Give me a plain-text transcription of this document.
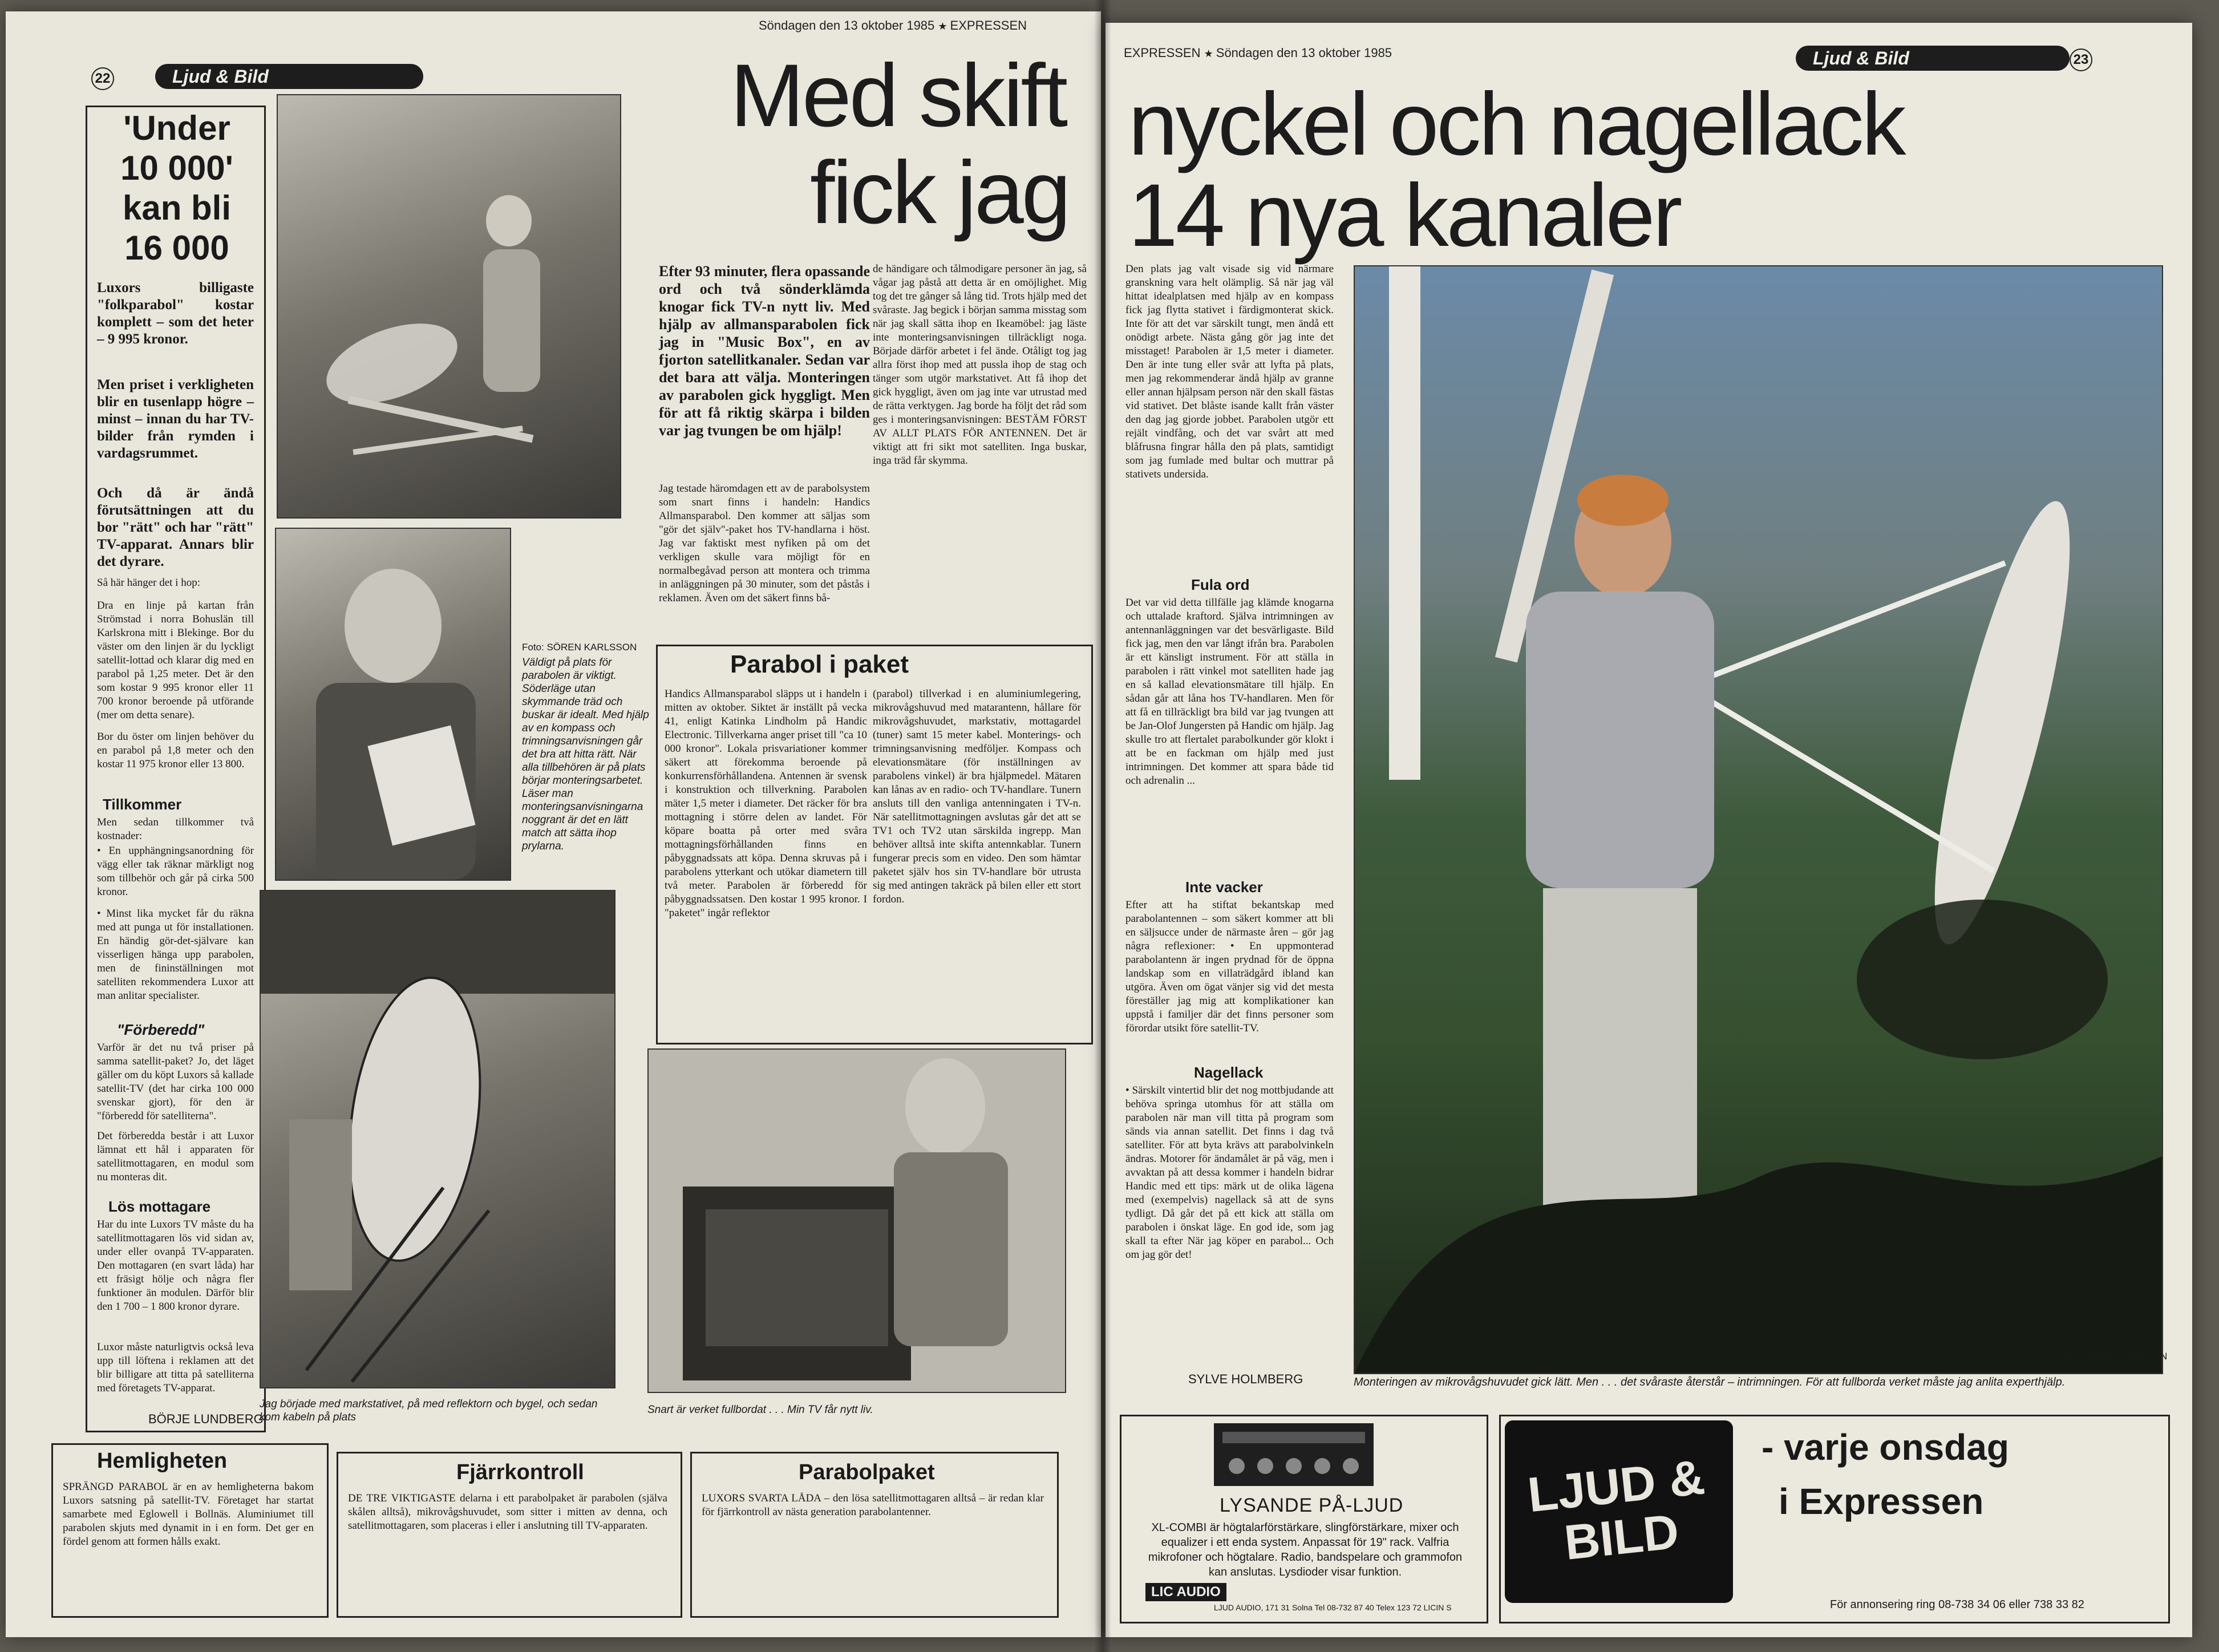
Söndagen den 13 oktober 1985 ★ EXPRESSEN
22	Ljud & Bild	Med skift
fick jag
'Under 10 000' kan bli 16 000
Luxors billigaste "folkparabol" kostar komplett – som det heter – 9 995 kronor.
Men priset i verkligheten blir en tusenlapp högre – minst – innan du har TV-bilder från rymden i vardagsrummet.
Och då är ändå förutsättningen att du bor "rätt" och har "rätt" TV-apparat. Annars blir det dyrare.
Så här hänger det i hop:
Dra en linje på kartan från Strömstad i norra Bohuslän till Karlskrona mitt i Blekinge. Bor du väster om den linjen är du lyckligt satellit-lottad och klarar dig med en parabol på 1,25 meter. Det är den som kostar 9 995 kronor eller 11 700 kronor beroende på utförande (mer om detta senare).
Bor du öster om linjen behöver du en parabol på 1,8 meter och den kostar 11 975 kronor eller 13 800.
Tillkommer
Men sedan tillkommer två kostnader:
• En upphängningsanordning för vägg eller tak räknar märkligt nog som tillbehör och går på cirka 500 kronor.
• Minst lika mycket får du räkna med att punga ut för installationen. En händig gör-det-självare kan visserligen hänga upp parabolen, men de fininställningen mot satelliten rekommendera Luxor att man anlitar specialister.
"Förberedd"
Varför är det nu två priser på samma satellit-paket? Jo, det läget gäller om du köpt Luxors så kallade satellit-TV (det har cirka 100 000 svenskar gjort), för den är "förberedd för satelliterna".
Det förberedda består i att Luxor lämnat ett hål i apparaten för satellitmottagaren, en modul som nu monteras dit.
Lös mottagare
Har du inte Luxors TV måste du ha satellitmottagaren lös vid sidan av, under eller ovanpå TV-apparaten. Den mottagaren (en svart låda) har ett fräsigt hölje och några fler funktioner än modulen. Därför blir den 1 700 – 1 800 kronor dyrare.
Luxor måste naturligtvis också leva upp till löftena i reklamen att det blir billigare att titta på satelliterna med företagets TV-apparat.
BÖRJE LUNDBERG
Foto: SÖREN KARLSSON
Väldigt på plats för parabolen är viktigt. Söderläge utan skymmande träd och buskar är idealt. Med hjälp av en kompass och trimningsanvisningen går det bra att hitta rätt. När alla tillbehören är på plats börjar monteringsarbetet. Läser man monteringsanvisningarna noggrant är det en lätt match att sätta ihop prylarna.
Jag började med markstativet, på med reflektorn och bygel, och sedan kom kabeln på plats
Snart är verket fullbordat . . . Min TV får nytt liv.
Efter 93 minuter, flera opassande ord och två sönderklämda knogar fick TV-n nytt liv. Med hjälp av allmansparabolen fick jag in "Music Box", en av fjorton satellitkanaler. Sedan var det bara att välja. Monteringen av parabolen gick hyggligt. Men för att få riktig skärpa i bilden var jag tvungen be om hjälp!
Jag testade häromdagen ett av de parabolsystem som snart finns i handeln: Handics Allmansparabol. Den kommer att säljas som "gör det själv"-paket hos TV-handlarna i höst. Jag var faktiskt mest nyfiken på om det verkligen skulle vara möjligt för en normalbegåvad person att montera och trimma in anläggningen på 30 minuter, som det påstås i reklamen. Även om det säkert finns bå-
de händigare och tålmodigare personer än jag, så vågar jag påstå att detta är en omöjlighet. Mig tog det tre gånger så lång tid. Trots hjälp med det svåraste. Jag begick i början samma misstag som när jag skall sätta ihop en Ikeamöbel: jag läste inte monteringsanvisningen tillräckligt noga. Började därför arbetet i fel ände. Otåligt tog jag allra först ihop med att pussla ihop de stag och tänger som utgör markstativet. Att få ihop det gick hyggligt, även om jag inte var utrustad med de rätta verktygen. Jag borde ha följt det råd som ges i monteringsanvisningen: BESTÄM FÖRST AV ALLT PLATS FÖR ANTENNEN. Det är viktigt att fri sikt mot satelliten. Inga buskar, inga träd får skymma.
Parabol i paket
Handics Allmansparabol släpps ut i handeln i mitten av oktober. Siktet är inställt på vecka 41, enligt Katinka Lindholm på Handic Electronic. Tillverkarna anger priset till "ca 10 000 kronor". Lokala prisvariationer kommer säkert att förekomma beroende på konkurrensförhållandena. Antennen är svensk i konstruktion och tillverkning. Parabolen mäter 1,5 meter i diameter. Det räcker för bra mottagning i större delen av landet. För köpare boatta på orter med svåra mottagningsförhållanden finns en påbyggnadssats att köpa. Denna skruvas på i parabolens ytterkant och utökar diametern till två meter. Parabolen är förberedd för påbyggnadssatsen. Den kostar 1 995 kronor. I "paketet" ingår reflektor
(parabol) tillverkad i en aluminiumlegering, mikrovågshuvud med matarantenn, hållare för mikrovågshuvudet, markstativ, mottagardel (tuner) samt 15 meter kabel. Monterings- och trimningsanvisning medföljer. Kompass och elevationsmätare (för inställningen av parabolens vinkel) är bra hjälpmedel. Mätaren kan lånas av en radio- och TV-handlare. Tunern ansluts till den vanliga antenningaten i TV-n. När satellitmottagningen avslutas går det att se TV1 och TV2 utan särskilda ingrepp. Man behöver alltså inte skifta antennkablar. Tunern fungerar precis som en video. Den som hämtar paketet själv hos sin TV-handlare bör utrusta sig med antingen takräck på bilen eller ett stort fordon.
Hemligheten
SPRÄNGD PARABOL är en av hemligheterna bakom Luxors satsning på satellit-TV. Företaget har startat samarbete med Eglowell i Bollnäs. Aluminiumet till parabolen skjuts med dynamit in i en form. Det ger en fördel genom att formen hålls exakt.
Fjärrkontroll
DE TRE VIKTIGASTE delarna i ett parabolpaket är parabolen (själva skålen alltså), mikrovågshuvudet, som sitter i mitten av denna, och satellitmottagaren, som placeras i eller i anslutning till TV-apparaten.
Parabolpaket
LUXORS SVARTA LÅDA – den lösa satellitmottagaren alltså – är redan klar för fjärrkontroll av nästa generation parabolantenner.
EXPRESSEN ★ Söndagen den 13 oktober 1985	Ljud & Bild	23
nyckel och nagellack
14 nya kanaler
Den plats jag valt visade sig vid närmare granskning vara helt olämplig. Så när jag väl hittat idealplatsen med hjälp av en kompass fick jag flytta stativet i färdigmonterat skick. Inte för att det var särskilt tungt, men ändå ett onödigt arbete. Nästa gång gör jag inte det misstaget! Parabolen är 1,5 meter i diameter. Den är inte tung eller svår att lyfta på plats, men jag rekommenderar ändå hjälp av granne eller annan hjälpsam person när den skall fästas vid stativet. Det blåste isande kallt från väster den dag jag gjorde jobbet. Parabolen utgör ett rejält vindfång, och det var svårt att med blåfrusna fingrar hålla den på plats, samtidigt som jag fumlade med bultar och muttrar på stativets undersida.
Fula ord
Det var vid detta tillfälle jag klämde knogarna och uttalade kraftord. Själva intrimningen av antennanläggningen var det besvärligaste. Bild fick jag, men den var långt ifrån bra. Parabolen är ett känsligt instrument. För att ställa in parabolen i rätt vinkel mot satelliten hade jag en så kallad elevationsmätare till hjälp. En sådan går att låna hos TV-handlaren. Men för att få en tillräckligt bra bild var jag tvungen att be Jan-Olof Jungersten på Handic om hjälp. Jag skulle tro att flertalet parabolkunder gör klokt i att be en fackman om hjälp med just intrimningen. Det kommer att spara både tid och adrenalin ...
Inte vacker
Efter att ha stiftat bekantskap med parabolantennen – som säkert kommer att bli en säljsucce under de närmaste åren – gör jag några reflexioner: • En uppmonterad parabolantenn är ingen prydnad för de öppna landskap som en villaträdgård ibland kan utgöra. Även om ögat vänjer sig vid det mesta föreställer jag mig att komplikationer kan uppstå i familjer där det finns personer som förordar utsikt före satellit-TV.
Nagellack
• Särskilt vintertid blir det nog mottbjudande att behöva springa utomhus för att ställa om parabolen när man vill titta på program som sänds via annan satellit. Det finns i dag två satelliter. För att byta krävs att parabolvinkeln ändras. Motorer för ändamålet är på väg, men i avvaktan på att dessa kommer i handeln bidrar Handic med ett tips: märk ut de olika lägena med (exempelvis) nagellack så att de syns tydligt. Då går det på ett kick att ställa om parabolen i önskat läge. En god ide, som jag skall ta efter När jag köper en parabol... Och om jag gör det!
SYLVE HOLMBERG
Foto: SÖREN KARLSSON
Monteringen av mikrovågshuvudet gick lätt. Men . . . det svåraste återstår – intrimningen. För att fullborda verket måste jag anlita experthjälp.
LYSANDE PÅ-LJUD
XL-COMBI är högtalarförstärkare, slingförstärkare, mixer och equalizer i ett enda system. Anpassat för 19" rack. Valfria mikrofoner och högtalare. Radio, bandspelare och grammofon kan anslutas. Lysdioder visar funktion.
LIC AUDIO
LJUD AUDIO, 171 31 Solna Tel 08-732 87 40 Telex 123 72 LICIN S
LJUD & BILD
- varje onsdag
i Expressen
För annonsering ring 08-738 34 06 eller 738 33 82
